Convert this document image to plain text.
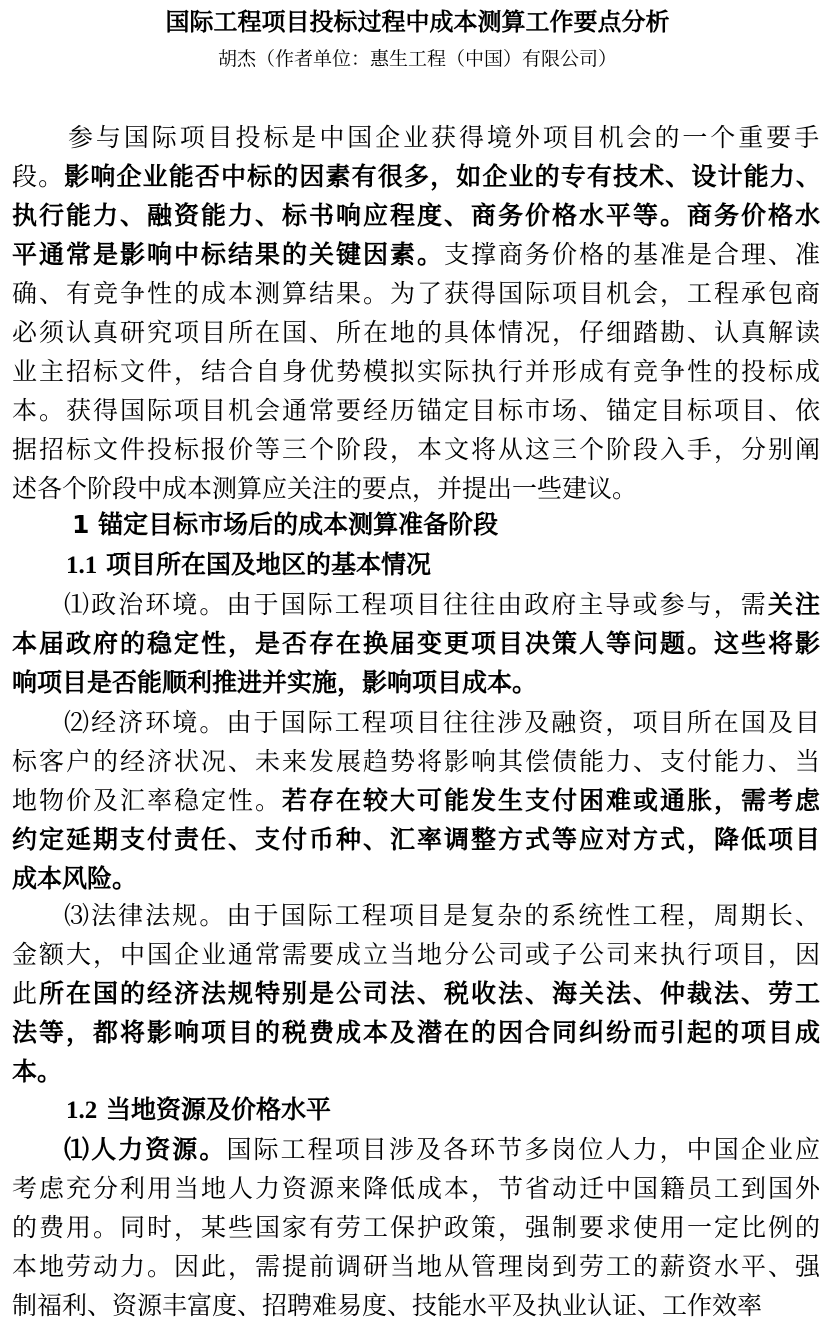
国际工程项目投标过程中成本测算工作要点分析
胡杰（作者单位：惠生工程（中国）有限公司）
1 锚定目标市场后的成本测算准备阶段
1.1 项目所在国及地区的基本情况
1.2 当地资源及价格水平
参与国际项目投标是中国企业获得境外项目机会的一个重要手
段。影响企业能否中标的因素有很多，如企业的专有技术、设计能力、
执行能力、融资能力、标书响应程度、商务价格水平等。商务价格水
平通常是影响中标结果的关键因素。支撑商务价格的基准是合理、准
确、有竞争性的成本测算结果。为了获得国际项目机会，工程承包商
必须认真研究项目所在国、所在地的具体情况，仔细踏勘、认真解读
业主招标文件，结合自身优势模拟实际执行并形成有竞争性的投标成
本。获得国际项目机会通常要经历锚定目标市场、锚定目标项目、依
据招标文件投标报价等三个阶段，本文将从这三个阶段入手，分别阐
述各个阶段中成本测算应关注的要点，并提出一些建议。
⑴政治环境。由于国际工程项目往往由政府主导或参与，需关注
本届政府的稳定性，是否存在换届变更项目决策人等问题。这些将影
响项目是否能顺利推进并实施，影响项目成本。
⑵经济环境。由于国际工程项目往往涉及融资，项目所在国及目
标客户的经济状况、未来发展趋势将影响其偿债能力、支付能力、当
地物价及汇率稳定性。若存在较大可能发生支付困难或通胀，需考虑
约定延期支付责任、支付币种、汇率调整方式等应对方式，降低项目
成本风险。
⑶法律法规。由于国际工程项目是复杂的系统性工程，周期长、
金额大，中国企业通常需要成立当地分公司或子公司来执行项目，因
此所在国的经济法规特别是公司法、税收法、海关法、仲裁法、劳工
法等，都将影响项目的税费成本及潜在的因合同纠纷而引起的项目成
本。
⑴人力资源。国际工程项目涉及各环节多岗位人力，中国企业应
考虑充分利用当地人力资源来降低成本，节省动迁中国籍员工到国外
的费用。同时，某些国家有劳工保护政策，强制要求使用一定比例的
本地劳动力。因此，需提前调研当地从管理岗到劳工的薪资水平、强
制福利、资源丰富度、招聘难易度、技能水平及执业认证、工作效率
